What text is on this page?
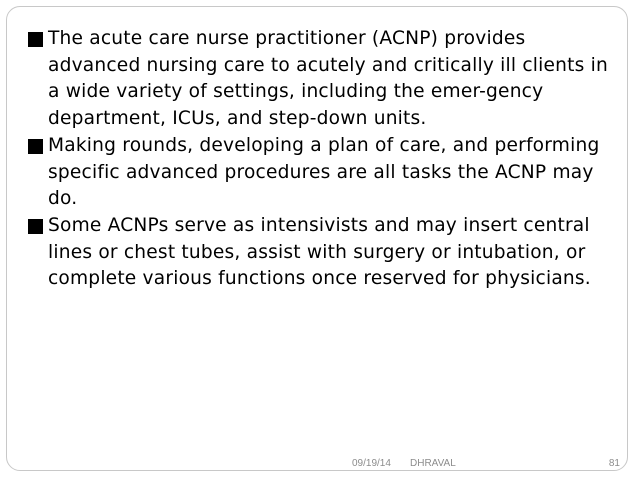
The acute care nurse practitioner (ACNP) provides advanced nursing care to acutely and critically ill clients in a wide variety of settings, including the emer-gency department, ICUs, and step-down units.

Making rounds, developing a plan of care, and performing specific advanced procedures are all tasks the ACNP may do.

Some ACNPs serve as intensivists and may insert central lines or chest tubes, assist with surgery or intubation, or complete various functions once reserved for physicians.

09/19/14 DHRAVAL	81
